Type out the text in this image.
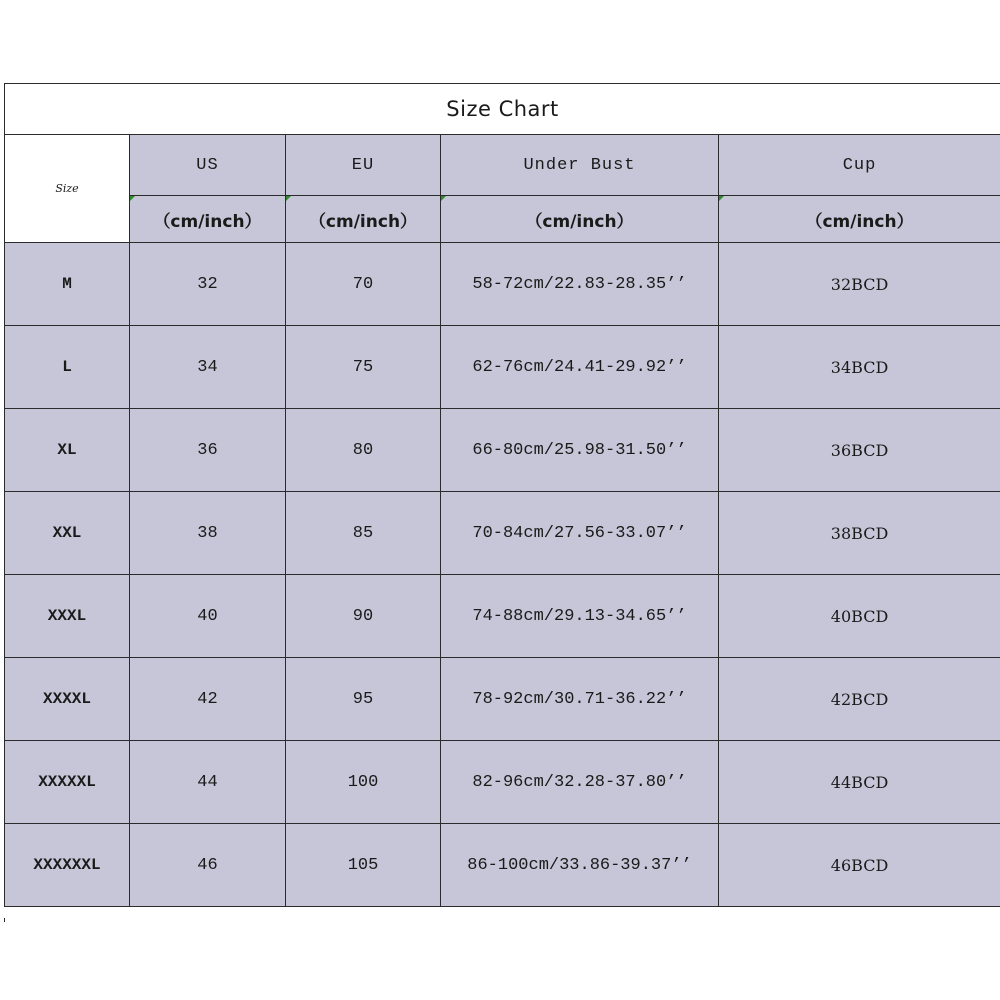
Size Chart				
Size	US	EU	Under Bust	Cup
	（cm/inch）	（cm/inch）	（cm/inch）	（cm/inch）
M	32	70	58-72cm/22.83-28.35’’	32BCD
L	34	75	62-76cm/24.41-29.92’’	34BCD
XL	36	80	66-80cm/25.98-31.50’’	36BCD
XXL	38	85	70-84cm/27.56-33.07’’	38BCD
XXXL	40	90	74-88cm/29.13-34.65’’	40BCD
XXXXL	42	95	78-92cm/30.71-36.22’’	42BCD
XXXXXL	44	100	82-96cm/32.28-37.80’’	44BCD
XXXXXXL	46	105	86-100cm/33.86-39.37’’	46BCD
